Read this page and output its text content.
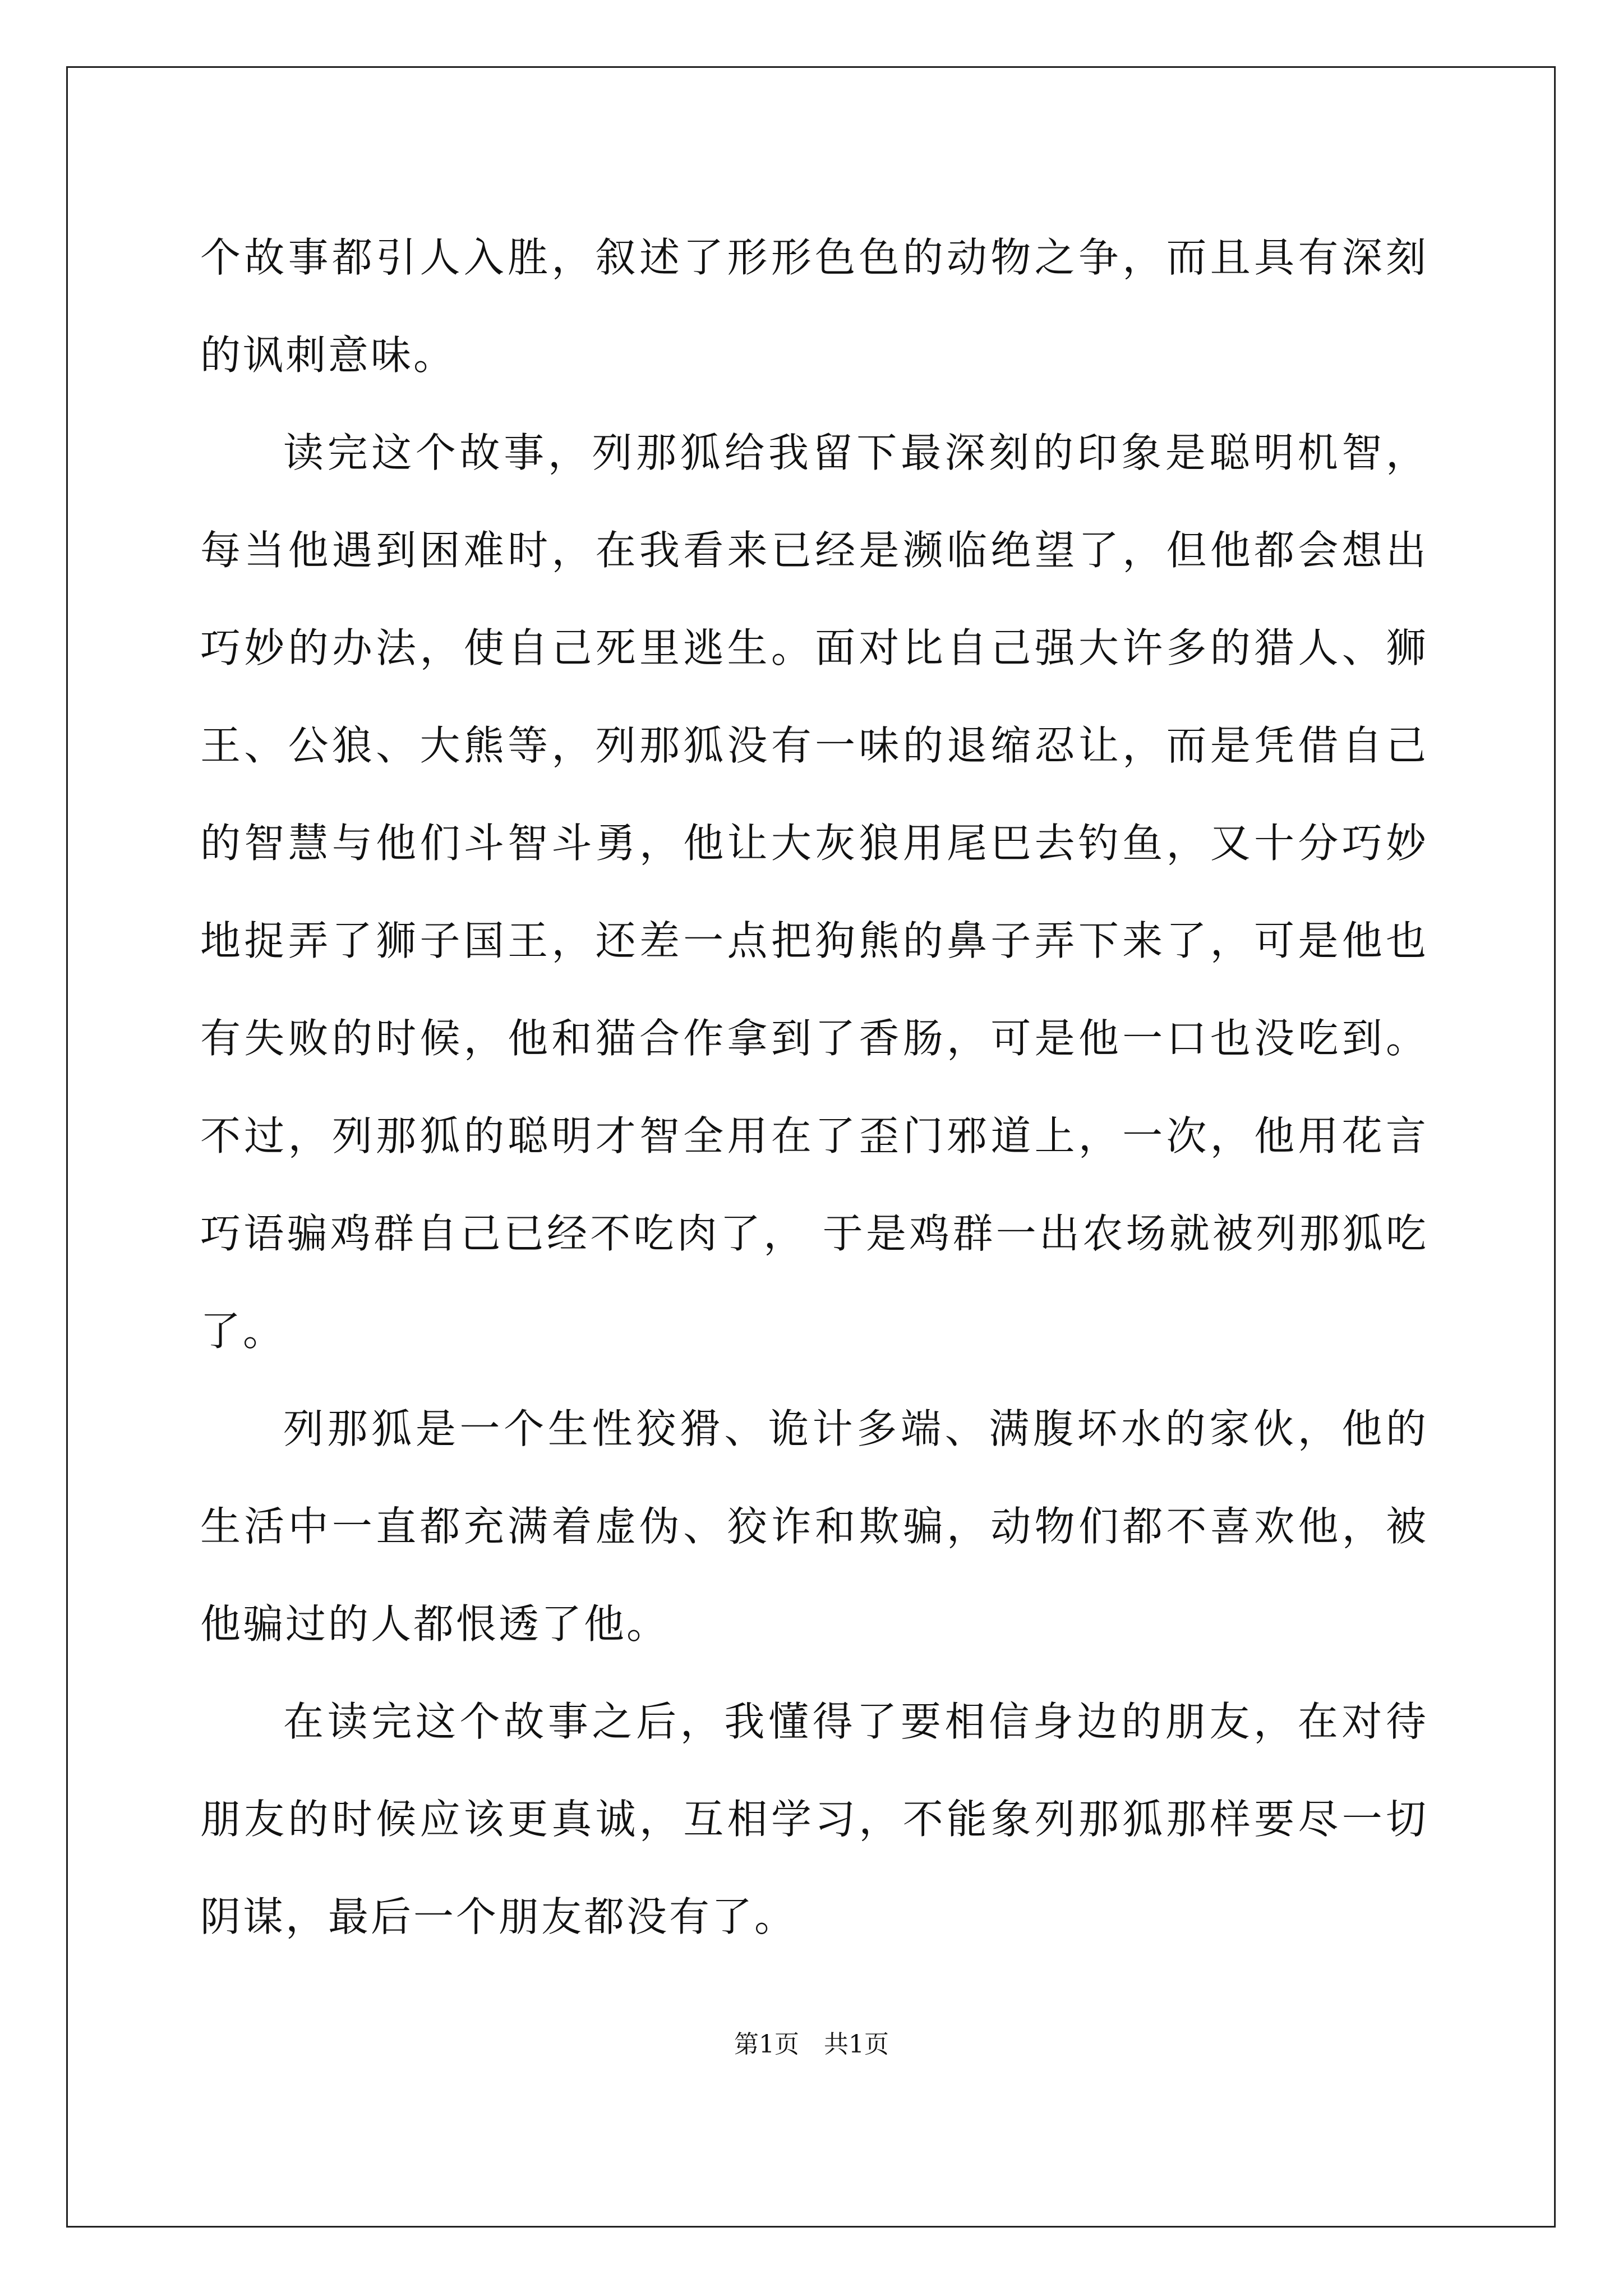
个故事都引人入胜，叙述了形形色色的动物之争，而且具有深刻的讽刺意味。

读完这个故事，列那狐给我留下最深刻的印象是聪明机智，每当他遇到困难时，在我看来已经是濒临绝望了，但他都会想出巧妙的办法，使自己死里逃生。面对比自己强大许多的猎人、狮王、公狼、大熊等，列那狐没有一味的退缩忍让，而是凭借自己的智慧与他们斗智斗勇，他让大灰狼用尾巴去钓鱼，又十分巧妙地捉弄了狮子国王，还差一点把狗熊的鼻子弄下来了，可是他也有失败的时候，他和猫合作拿到了香肠，可是他一口也没吃到。不过，列那狐的聪明才智全用在了歪门邪道上，一次，他用花言巧语骗鸡群自己已经不吃肉了， 于是鸡群一出农场就被列那狐吃了。

列那狐是一个生性狡猾、诡计多端、满腹坏水的家伙，他的生活中一直都充满着虚伪、狡诈和欺骗，动物们都不喜欢他，被他骗过的人都恨透了他。

在读完这个故事之后，我懂得了要相信身边的朋友，在对待朋友的时候应该更真诚，互相学习，不能象列那狐那样要尽一切阴谋，最后一个朋友都没有了。

第1页　共1页
